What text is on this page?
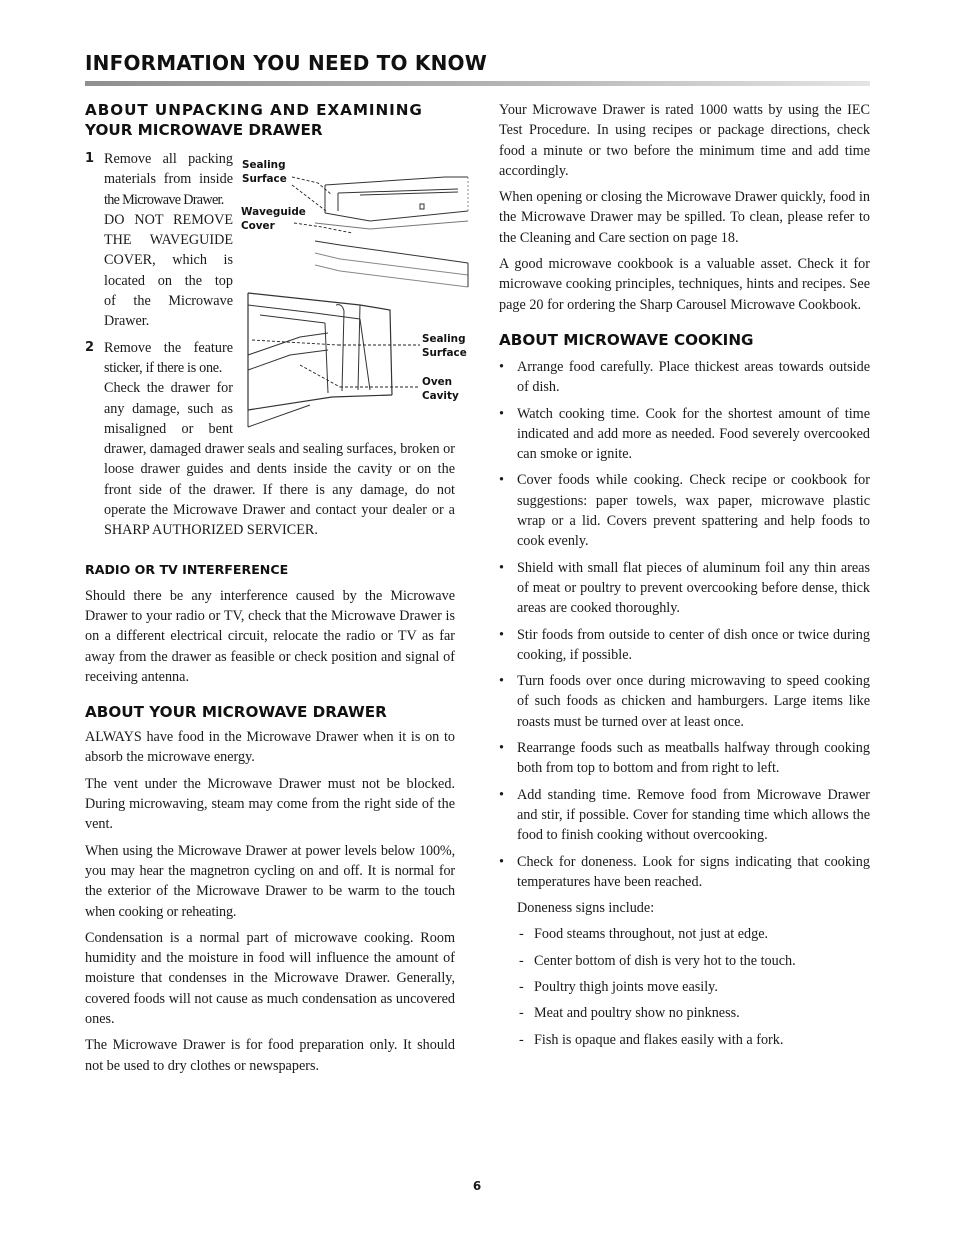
INFORMATION YOU NEED TO KNOW
ABOUT UNPACKING AND EXAMINING
YOUR MICROWAVE DRAWER
1 Remove all packing
materials from inside
the Microwave Drawer.
DO NOT REMOVE
THE WAVEGUIDE
COVER, which is
located on the top
of the Microwave
Drawer.
2 Remove the feature
sticker, if there is one.
Check the drawer for
any damage, such as
misaligned or bent

drawer, damaged drawer seals and sealing surfaces, broken or loose drawer guides and dents inside the cavity or on the front side of the drawer. If there is any damage, do not operate the Microwave Drawer and contact your dealer or a SHARP AUTHORIZED SERVICER.

RADIO OR TV INTERFERENCE

Should there be any interference caused by the Microwave Drawer to your radio or TV, check that the Microwave Drawer is on a different electrical circuit, relocate the radio or TV as far away from the drawer as feasible or check position and signal of receiving antenna.

ABOUT YOUR MICROWAVE DRAWER

ALWAYS have food in the Microwave Drawer when it is on to absorb the microwave energy.

The vent under the Microwave Drawer must not be blocked. During microwaving, steam may come from the right side of the vent.

When using the Microwave Drawer at power levels below 100%, you may hear the magnetron cycling on and off. It is normal for the exterior of the Microwave Drawer to be warm to the touch when cooking or reheating.

Condensation is a normal part of microwave cooking. Room humidity and the moisture in food will influence the amount of moisture that condenses in the Microwave Drawer. Generally, covered foods will not cause as much condensation as uncovered ones.

The Microwave Drawer is for food preparation only. It should not be used to dry clothes or newspapers.

Sealing
Surface
Waveguide
Cover
Sealing
Surface
Oven
Cavity

Your Microwave Drawer is rated 1000 watts by using the IEC Test Procedure. In using recipes or package directions, check food a minute or two before the minimum time and add time accordingly.

When opening or closing the Microwave Drawer quickly, food in the Microwave Drawer may be spilled. To clean, please refer to the Cleaning and Care section on page 18.

A good microwave cookbook is a valuable asset. Check it for microwave cooking principles, techniques, hints and recipes. See page 20 for ordering the Sharp Carousel Microwave Cookbook.

ABOUT MICROWAVE COOKING
• Arrange food carefully. Place thickest areas towards outside of dish.
• Watch cooking time. Cook for the shortest amount of time indicated and add more as needed. Food severely overcooked can smoke or ignite.
• Cover foods while cooking. Check recipe or cookbook for suggestions: paper towels, wax paper, microwave plastic wrap or a lid. Covers prevent spattering and help foods to cook evenly.
• Shield with small flat pieces of aluminum foil any thin areas of meat or poultry to prevent overcooking before dense, thick areas are cooked thoroughly.
• Stir foods from outside to center of dish once or twice during cooking, if possible.
• Turn foods over once during microwaving to speed cooking of such foods as chicken and hamburgers. Large items like roasts must be turned over at least once.
• Rearrange foods such as meatballs halfway through cooking both from top to bottom and from right to left.
• Add standing time. Remove food from Microwave Drawer and stir, if possible. Cover for standing time which allows the food to finish cooking without overcooking.
• Check for doneness. Look for signs indicating that cooking temperatures have been reached.

Doneness signs include:

- Food steams throughout, not just at edge.
- Center bottom of dish is very hot to the touch.
- Poultry thigh joints move easily.
- Meat and poultry show no pinkness.
- Fish is opaque and flakes easily with a fork.
6
